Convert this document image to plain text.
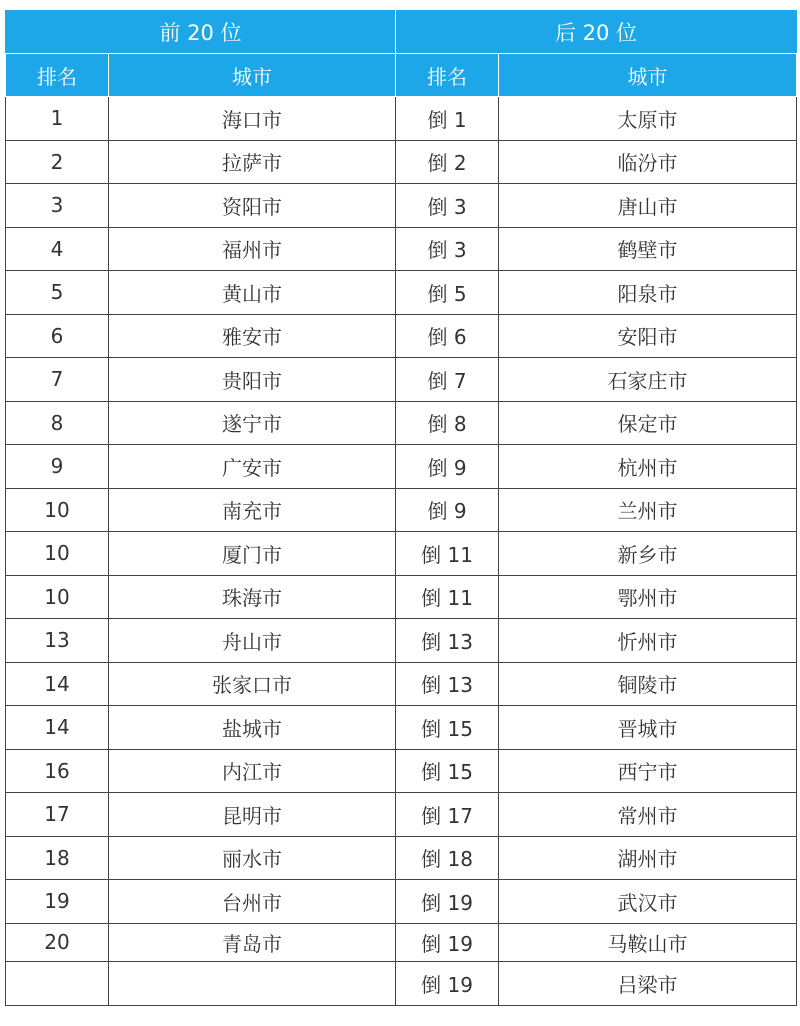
前 20 位		后 20 位	
排名	城市	排名	城市
1	海口市	倒 1	太原市
2	拉萨市	倒 2	临汾市
3	资阳市	倒 3	唐山市
4	福州市	倒 3	鹤壁市
5	黄山市	倒 5	阳泉市
6	雅安市	倒 6	安阳市
7	贵阳市	倒 7	石家庄市
8	遂宁市	倒 8	保定市
9	广安市	倒 9	杭州市
10	南充市	倒 9	兰州市
10	厦门市	倒 11	新乡市
10	珠海市	倒 11	鄂州市
13	舟山市	倒 13	忻州市
14	张家口市	倒 13	铜陵市
14	盐城市	倒 15	晋城市
16	内江市	倒 15	西宁市
17	昆明市	倒 17	常州市
18	丽水市	倒 18	湖州市
19	台州市	倒 19	武汉市
20	青岛市	倒 19	马鞍山市
		倒 19	吕梁市
